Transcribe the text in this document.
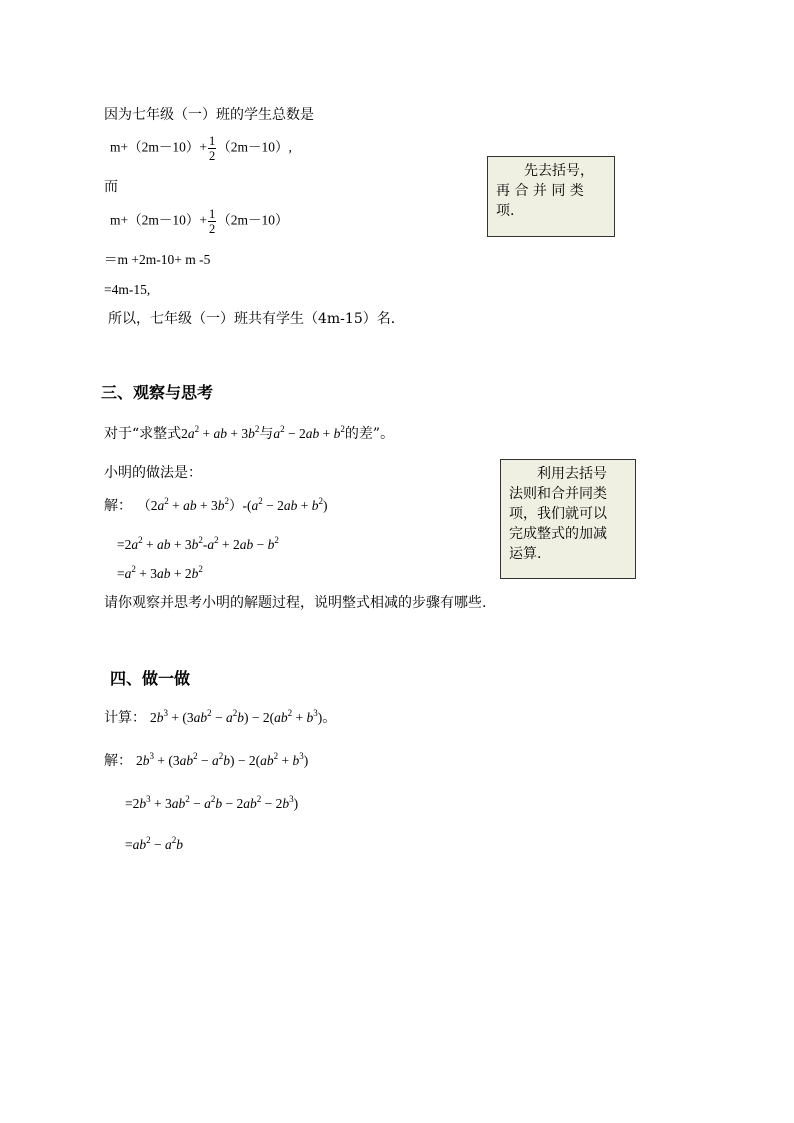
因为七年级（一）班的学生总数是
$m+(2m-10)+ \frac{1}{2} (2m-10)$,
而
$m+(2m-10)+ \frac{1}{2} (2m-10)$
＝m +2m-10+ m -5
=4m-15,
所以，七年级（一）班共有学生（4m-15）名．
先去括号，
再 合 并 同 类
项.
三、观察与思考
对于“求整式$2a^2$ + ab + $3b^2$与$a^2 - 2ab + b^2$的差”。
小明的做法是：
解： （$2a^2$ + ab + $3b^2)-(a^2 - 2ab + b^2)$
$=2a^2$ + ab + $3b^2-a^2 + 2ab - b^2$
$=a^2 + 3ab + 2b^2$
请你观察并思考小明的解题过程，说明整式相减的步骤有哪些.
利用去括号
法则和合并同类
项，我们就可以
完成整式的加减
运算.
四、做一做
计算： $2b^3 + (3ab^2 - a^2b) - 2(ab^2 + b^3)$。
解： $2b^3 + (3ab^2 - a^2b) - 2(ab^2 + b^3)$
$=2b^3 + 3ab^2 - a^2b - 2ab^2 - 2b^3$)
$=ab^2 - a^2b$
